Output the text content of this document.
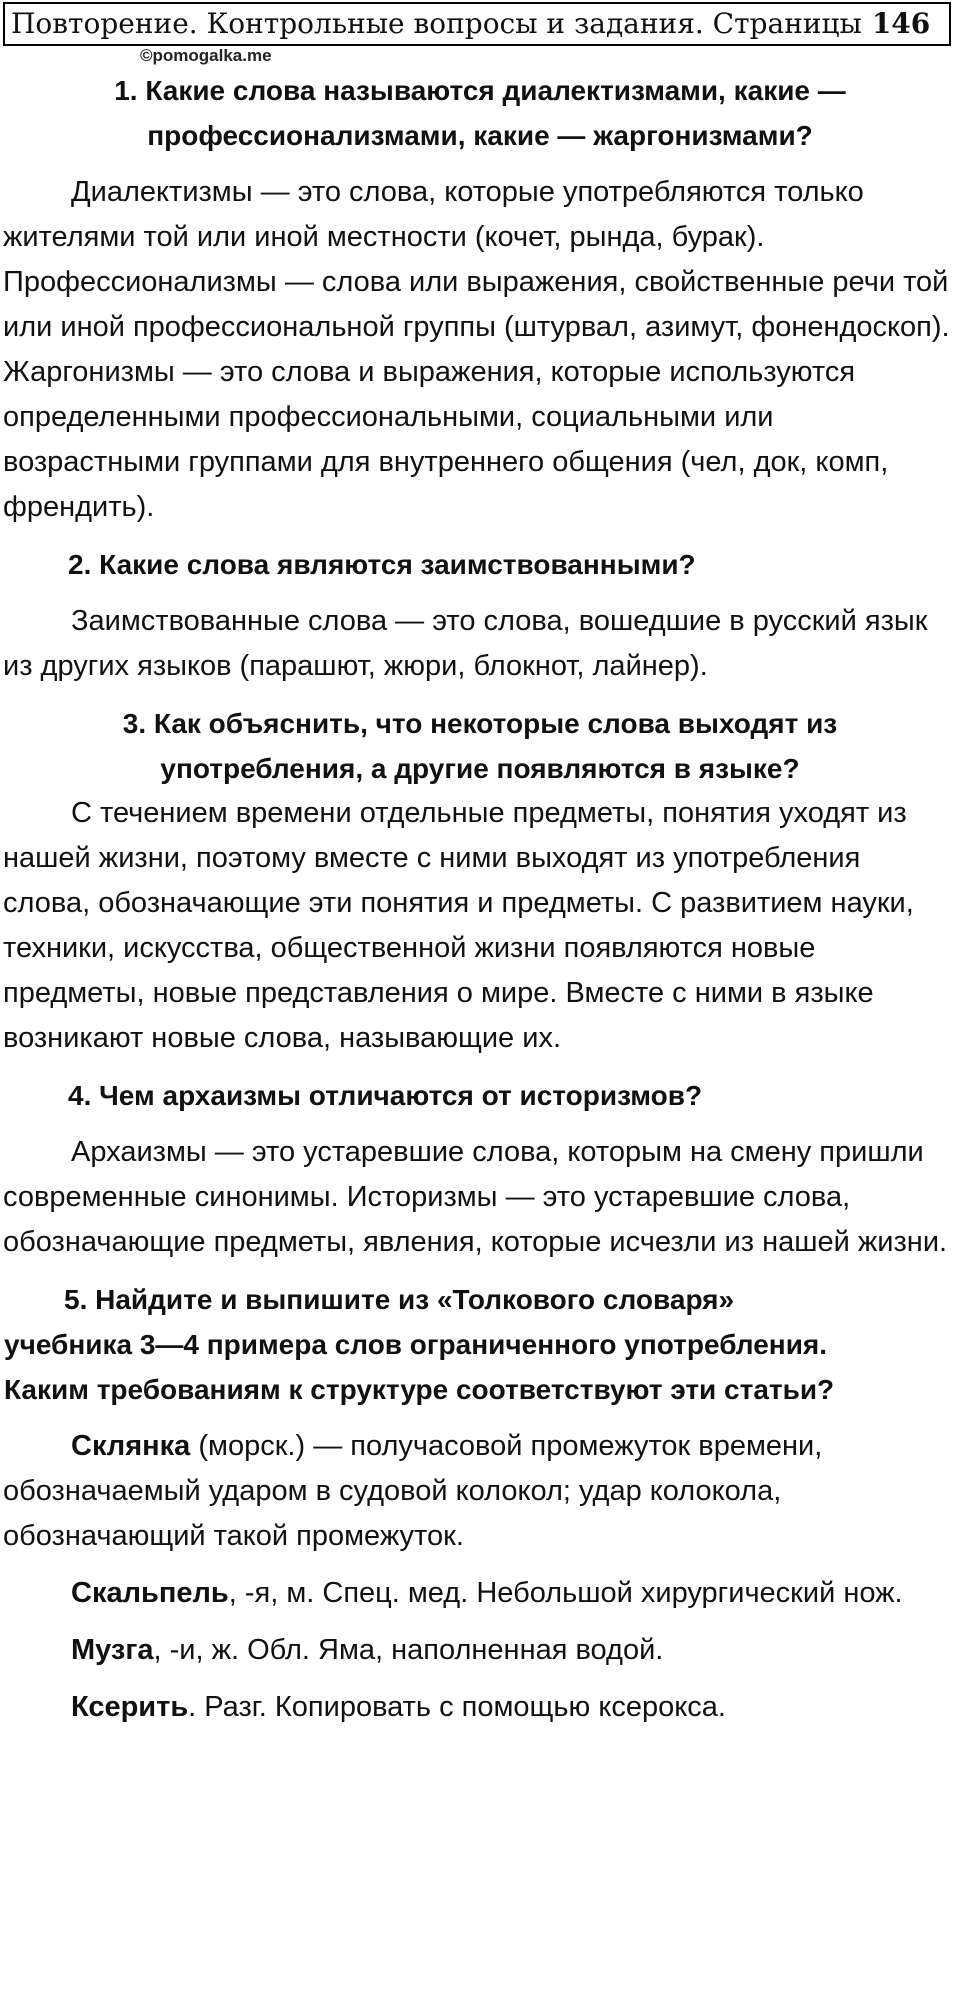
Повторение. Контрольные вопросы и задания. Страницы 146
©pomogalka.me

1. Какие слова называются диалектизмами, какие —
профессионализмами, какие — жаргонизмами?

Диалектизмы — это слова, которые употребляются только жителями той или иной местности (кочет, рында, бурак). Профессионализмы — слова или выражения, свойственные речи той или иной профессиональной группы (штурвал, азимут, фонендоскоп). Жаргонизмы — это слова и выражения, которые используются определенными профессиональными, социальными или возрастными группами для внутреннего общения (чел, док, комп, френдить).

2. Какие слова являются заимствованными?

Заимствованные слова — это слова, вошедшие в русский язык из других языков (парашют, жюри, блокнот, лайнер).

3. Как объяснить, что некоторые слова выходят из
употребления, а другие появляются в языке?

С течением времени отдельные предметы, понятия уходят из нашей жизни, поэтому вместе с ними выходят из употребления слова, обозначающие эти понятия и предметы. С развитием науки, техники, искусства, общественной жизни появляются новые предметы, новые представления о мире. Вместе с ними в языке возникают новые слова, называющие их.

4. Чем архаизмы отличаются от историзмов?

Архаизмы — это устаревшие слова, которым на смену пришли современные синонимы. Историзмы — это устаревшие слова, обозначающие предметы, явления, которые исчезли из нашей жизни.

5. Найдите и выпишите из «Толкового словаря»
учебника 3—4 примера слов ограниченного употребления.
Каким требованиям к структуре соответствуют эти статьи?

Склянка (морск.) — получасовой промежуток времени, обозначаемый ударом в судовой колокол; удар колокола, обозначающий такой промежуток.

Скальпель, -я, м. Спец. мед. Небольшой хирургический нож.

Музга, -и, ж. Обл. Яма, наполненная водой.

Ксерить. Разг. Копировать с помощью ксерокса.
